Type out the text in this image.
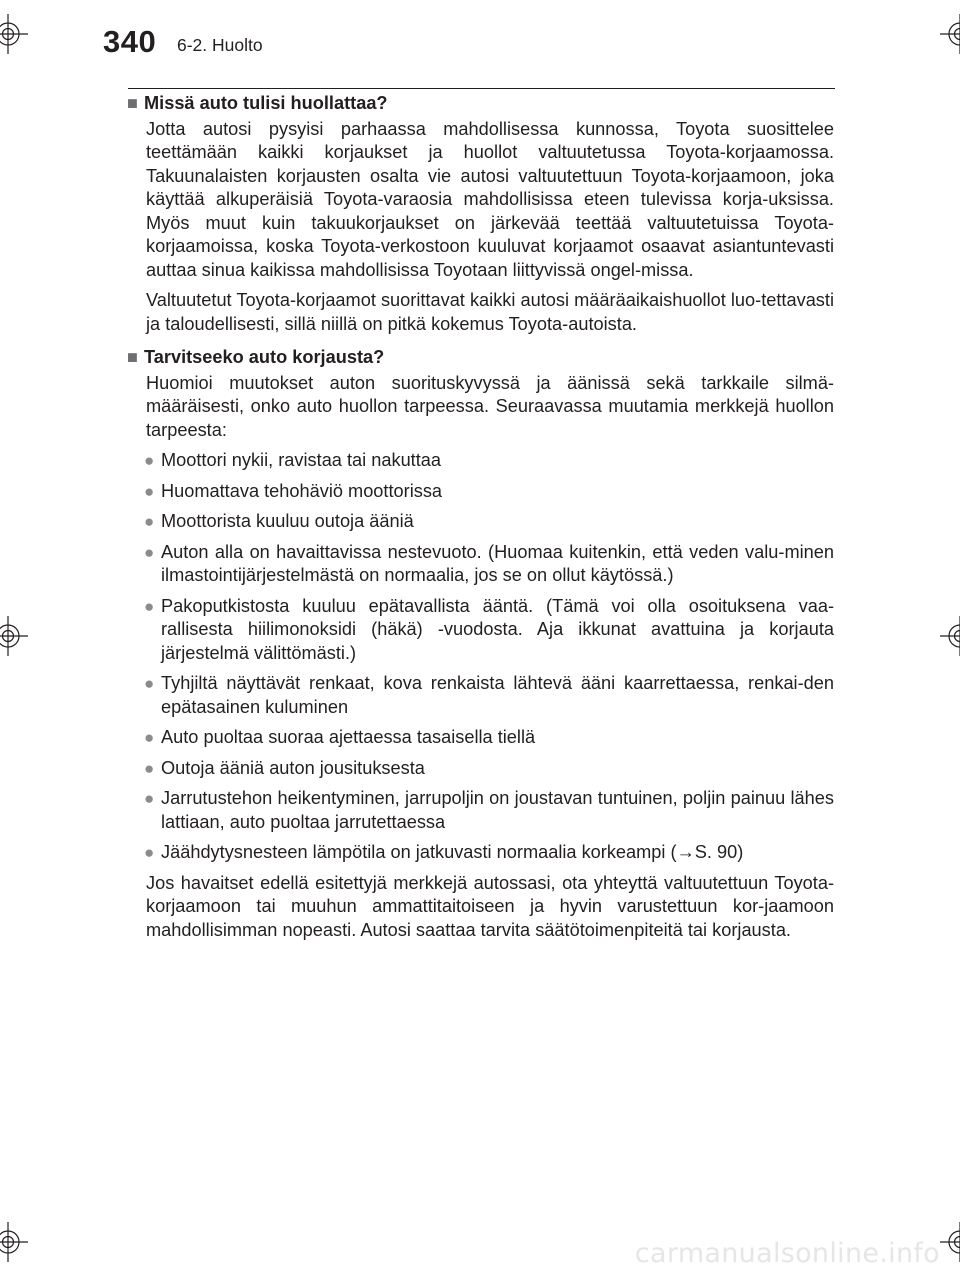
340 6-2. Huolto
■ Missä auto tulisi huollattaa?

Jotta autosi pysyisi parhaassa mahdollisessa kunnossa, Toyota suosittelee teettämään kaikki korjaukset ja huollot valtuutetussa Toyota-korjaamossa. Takuunalaisten korjausten osalta vie autosi valtuutettuun Toyota-korjaamoon, joka käyttää alkuperäisiä Toyota-varaosia mahdollisissa eteen tulevissa korja-uksissa. Myös muut kuin takuukorjaukset on järkevää teettää valtuutetuissa Toyota-korjaamoissa, koska Toyota-verkostoon kuuluvat korjaamot osaavat asiantuntevasti auttaa sinua kaikissa mahdollisissa Toyotaan liittyvissä ongel-missa.

Valtuutetut Toyota-korjaamot suorittavat kaikki autosi määräaikaishuollot luo-tettavasti ja taloudellisesti, sillä niillä on pitkä kokemus Toyota-autoista.

■ Tarvitseeko auto korjausta?

Huomioi muutokset auton suorituskyvyssä ja äänissä sekä tarkkaile silmä-määräisesti, onko auto huollon tarpeessa. Seuraavassa muutamia merkkejä huollon tarpeesta:

● Moottori nykii, ravistaa tai nakuttaa
● Huomattava tehohäviö moottorissa
● Moottorista kuuluu outoja ääniä
● Auton alla on havaittavissa nestevuoto. (Huomaa kuitenkin, että veden valu-minen ilmastointijärjestelmästä on normaalia, jos se on ollut käytössä.)
● Pakoputkistosta kuuluu epätavallista ääntä. (Tämä voi olla osoituksena vaa-rallisesta hiilimonoksidi (häkä) -vuodosta. Aja ikkunat avattuina ja korjauta järjestelmä välittömästi.)
● Tyhjiltä näyttävät renkaat, kova renkaista lähtevä ääni kaarrettaessa, renkai-den epätasainen kuluminen
● Auto puoltaa suoraa ajettaessa tasaisella tiellä
● Outoja ääniä auton jousituksesta
● Jarrutustehon heikentyminen, jarrupoljin on joustavan tuntuinen, poljin painuu lähes lattiaan, auto puoltaa jarrutettaessa
● Jäähdytysnesteen lämpötila on jatkuvasti normaalia korkeampi (→S. 90)

Jos havaitset edellä esitettyjä merkkejä autossasi, ota yhteyttä valtuutettuun Toyota-korjaamoon tai muuhun ammattitaitoiseen ja hyvin varustettuun kor-jaamoon mahdollisimman nopeasti. Autosi saattaa tarvita säätötoimenpiteitä tai korjausta.

carmanualsonline.info
